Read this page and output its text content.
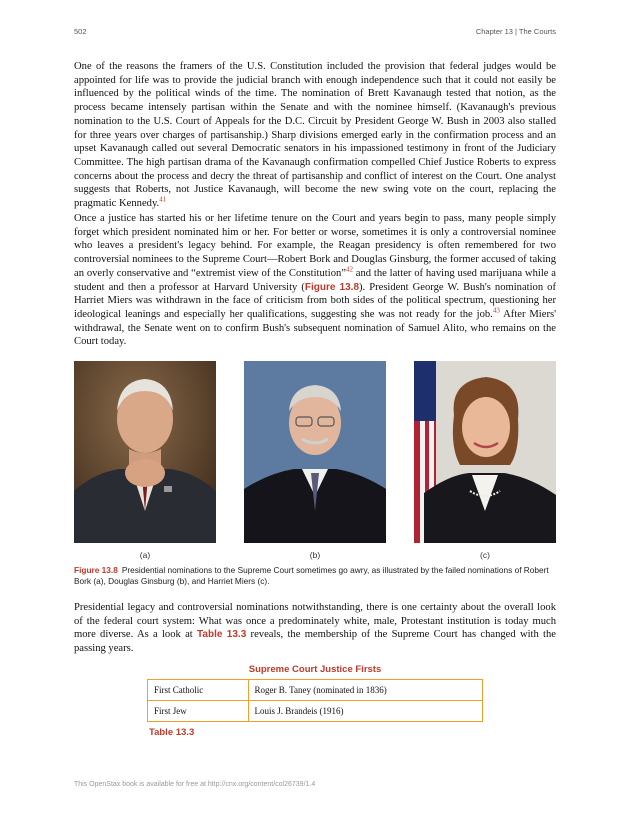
502	Chapter 13 | The Courts

One of the reasons the framers of the U.S. Constitution included the provision that federal judges would be appointed for life was to provide the judicial branch with enough independence such that it could not easily be influenced by the political winds of the time. The nomination of Brett Kavanaugh tested that notion, as the process became intensely partisan within the Senate and with the nominee himself. (Kavanaugh's previous nomination to the U.S. Court of Appeals for the D.C. Circuit by President George W. Bush in 2003 also stalled for three years over charges of partisanship.) Sharp divisions emerged early in the confirmation process and an upset Kavanaugh called out several Democratic senators in his impassioned testimony in front of the Judiciary Committee. The high partisan drama of the Kavanaugh confirmation compelled Chief Justice Roberts to express concerns about the process and decry the threat of partisanship and conflict of interest on the Court. One analyst suggests that Roberts, not Justice Kavanaugh, will become the new swing vote on the court, replacing the pragmatic Kennedy.$^{41}$

Once a justice has started his or her lifetime tenure on the Court and years begin to pass, many people simply forget which president nominated him or her. For better or worse, sometimes it is only a controversial nominee who leaves a president's legacy behind. For example, the Reagan presidency is often remembered for two controversial nominees to the Supreme Court—Robert Bork and Douglas Ginsburg, the former accused of taking an overly conservative and “extremist view of the Constitution”$^{42}$ and the latter of having used marijuana while a student and then a professor at Harvard University (Figure 13.8). President George W. Bush's nomination of Harriet Miers was withdrawn in the face of criticism from both sides of the political spectrum, questioning her ideological leanings and especially her qualifications, suggesting she was not ready for the job.$^{43}$ After Miers' withdrawal, the Senate went on to confirm Bush's subsequent nomination of Samuel Alito, who remains on the Court today.

(a)	(b)	(c)

Figure 13.8 Presidential nominations to the Supreme Court sometimes go awry, as illustrated by the failed nominations of Robert Bork (a), Douglas Ginsburg (b), and Harriet Miers (c).

Presidential legacy and controversial nominations notwithstanding, there is one certainty about the overall look of the federal court system: What was once a predominately white, male, Protestant institution is today much more diverse. As a look at Table 13.3 reveals, the membership of the Supreme Court has changed with the passing years.

Supreme Court Justice Firsts
First Catholic	Roger B. Taney (nominated in 1836)
First Jew	Louis J. Brandeis (1916)
Table 13.3
This OpenStax book is available for free at http://cnx.org/content/col26739/1.4
